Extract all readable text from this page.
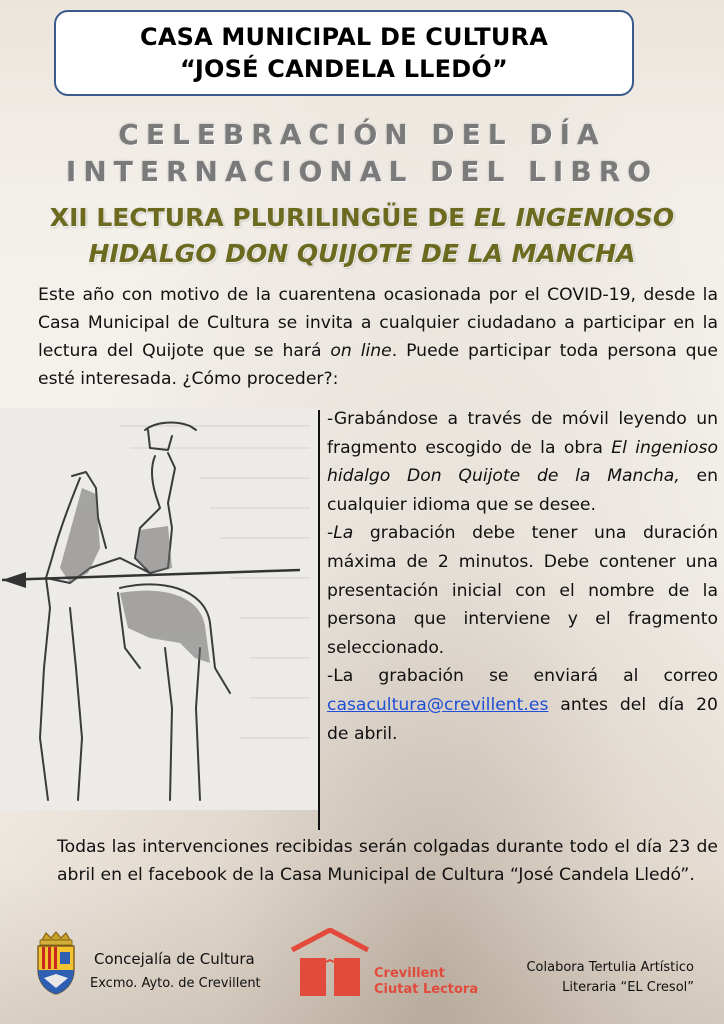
CASA MUNICIPAL DE CULTURA
“JOSÉ CANDELA LLEDÓ”
CELEBRACIÓN DEL DÍA
INTERNACIONAL DEL LIBRO
XII LECTURA PLURILINGÜE DE EL INGENIOSO
HIDALGO DON QUIJOTE DE LA MANCHA
Este año con motivo de la cuarentena ocasionada por el COVID-19, desde la Casa Municipal de Cultura se invita a cualquier ciudadano a participar en la lectura del Quijote que se hará on line. Puede participar toda persona que esté interesada. ¿Cómo proceder?:

-Grabándose a través de móvil leyendo un fragmento escogido de la obra El ingenioso hidalgo Don Quijote de la Mancha, en cualquier idioma que se desee.

-La grabación debe tener una duración máxima de 2 minutos. Debe contener una presentación inicial con el nombre de la persona que interviene y el fragmento seleccionado.

-La grabación se enviará al correo casacultura@crevillent.es antes del día 20 de abril.

Todas las intervenciones recibidas serán colgadas durante todo el día 23 de abril en el facebook de la Casa Municipal de Cultura “José Candela Lledó”.
Concejalía de Cultura
Excmo. Ayto. de Crevillent
Crevillent
Ciutat Lectora
Colabora Tertulia Artístico
Literaria “EL Cresol”
